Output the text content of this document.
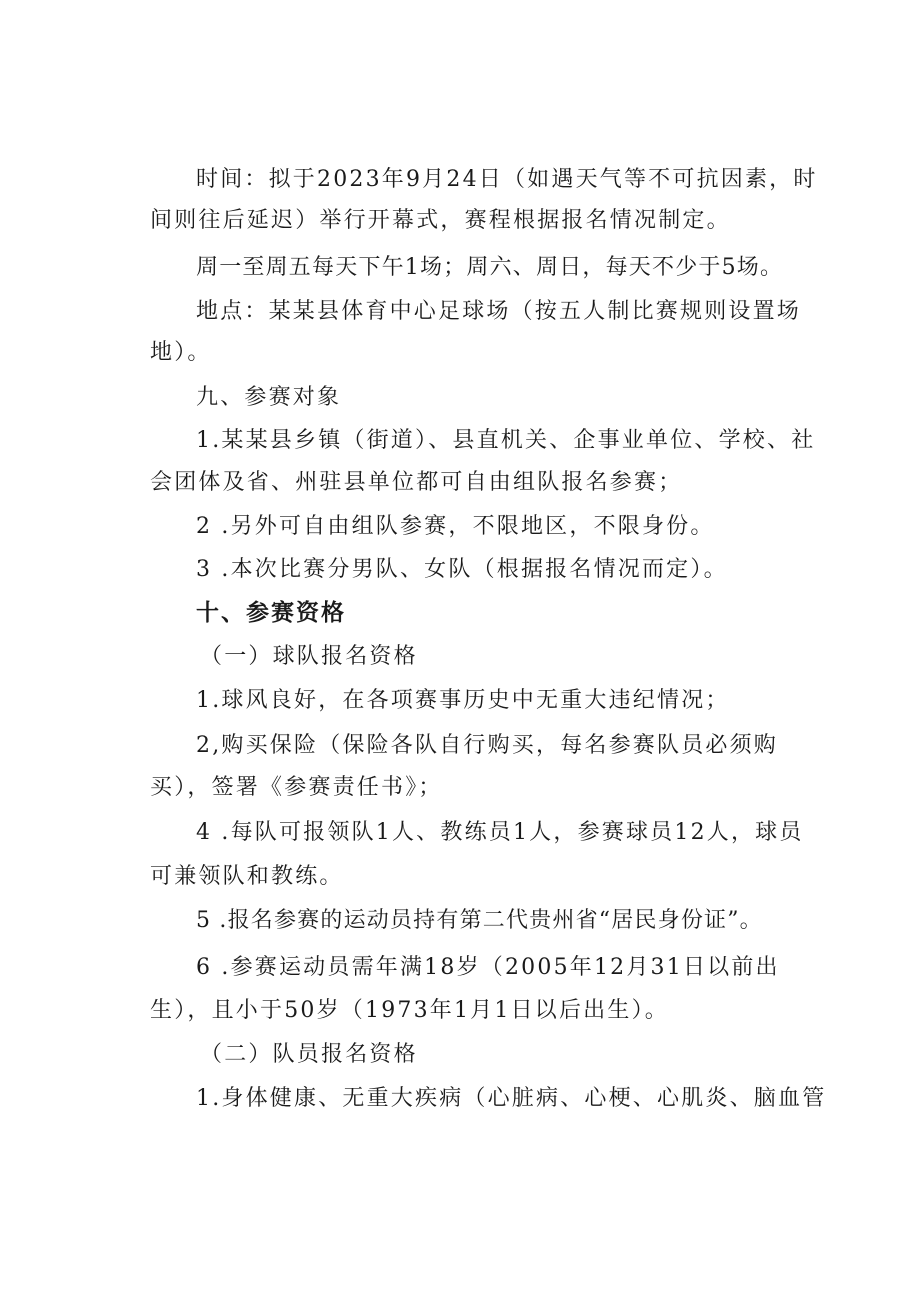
时间：拟于2023年9月24日（如遇天气等不可抗因素，时
间则往后延迟）举行开幕式，赛程根据报名情况制定。
周一至周五每天下午1场；周六、周日，每天不少于5场。
地点：某某县体育中心足球场（按五人制比赛规则设置场
地）。
九、参赛对象
1.某某县乡镇（街道）、县直机关、企事业单位、学校、社
会团体及省、州驻县单位都可自由组队报名参赛；
2 .另外可自由组队参赛，不限地区，不限身份。
3 .本次比赛分男队、女队（根据报名情况而定）。
十、参赛资格
（一）球队报名资格
1.球风良好，在各项赛事历史中无重大违纪情况；
2,购买保险（保险各队自行购买，每名参赛队员必须购
买），签署《参赛责任书》；
4 .每队可报领队1人、教练员1人，参赛球员12人，球员
可兼领队和教练。
5 .报名参赛的运动员持有第二代贵州省“居民身份证”。
6 .参赛运动员需年满18岁（2005年12月31日以前出
生），且小于50岁（1973年1月1日以后出生）。
（二）队员报名资格
1.身体健康、无重大疾病（心脏病、心梗、心肌炎、脑血管
